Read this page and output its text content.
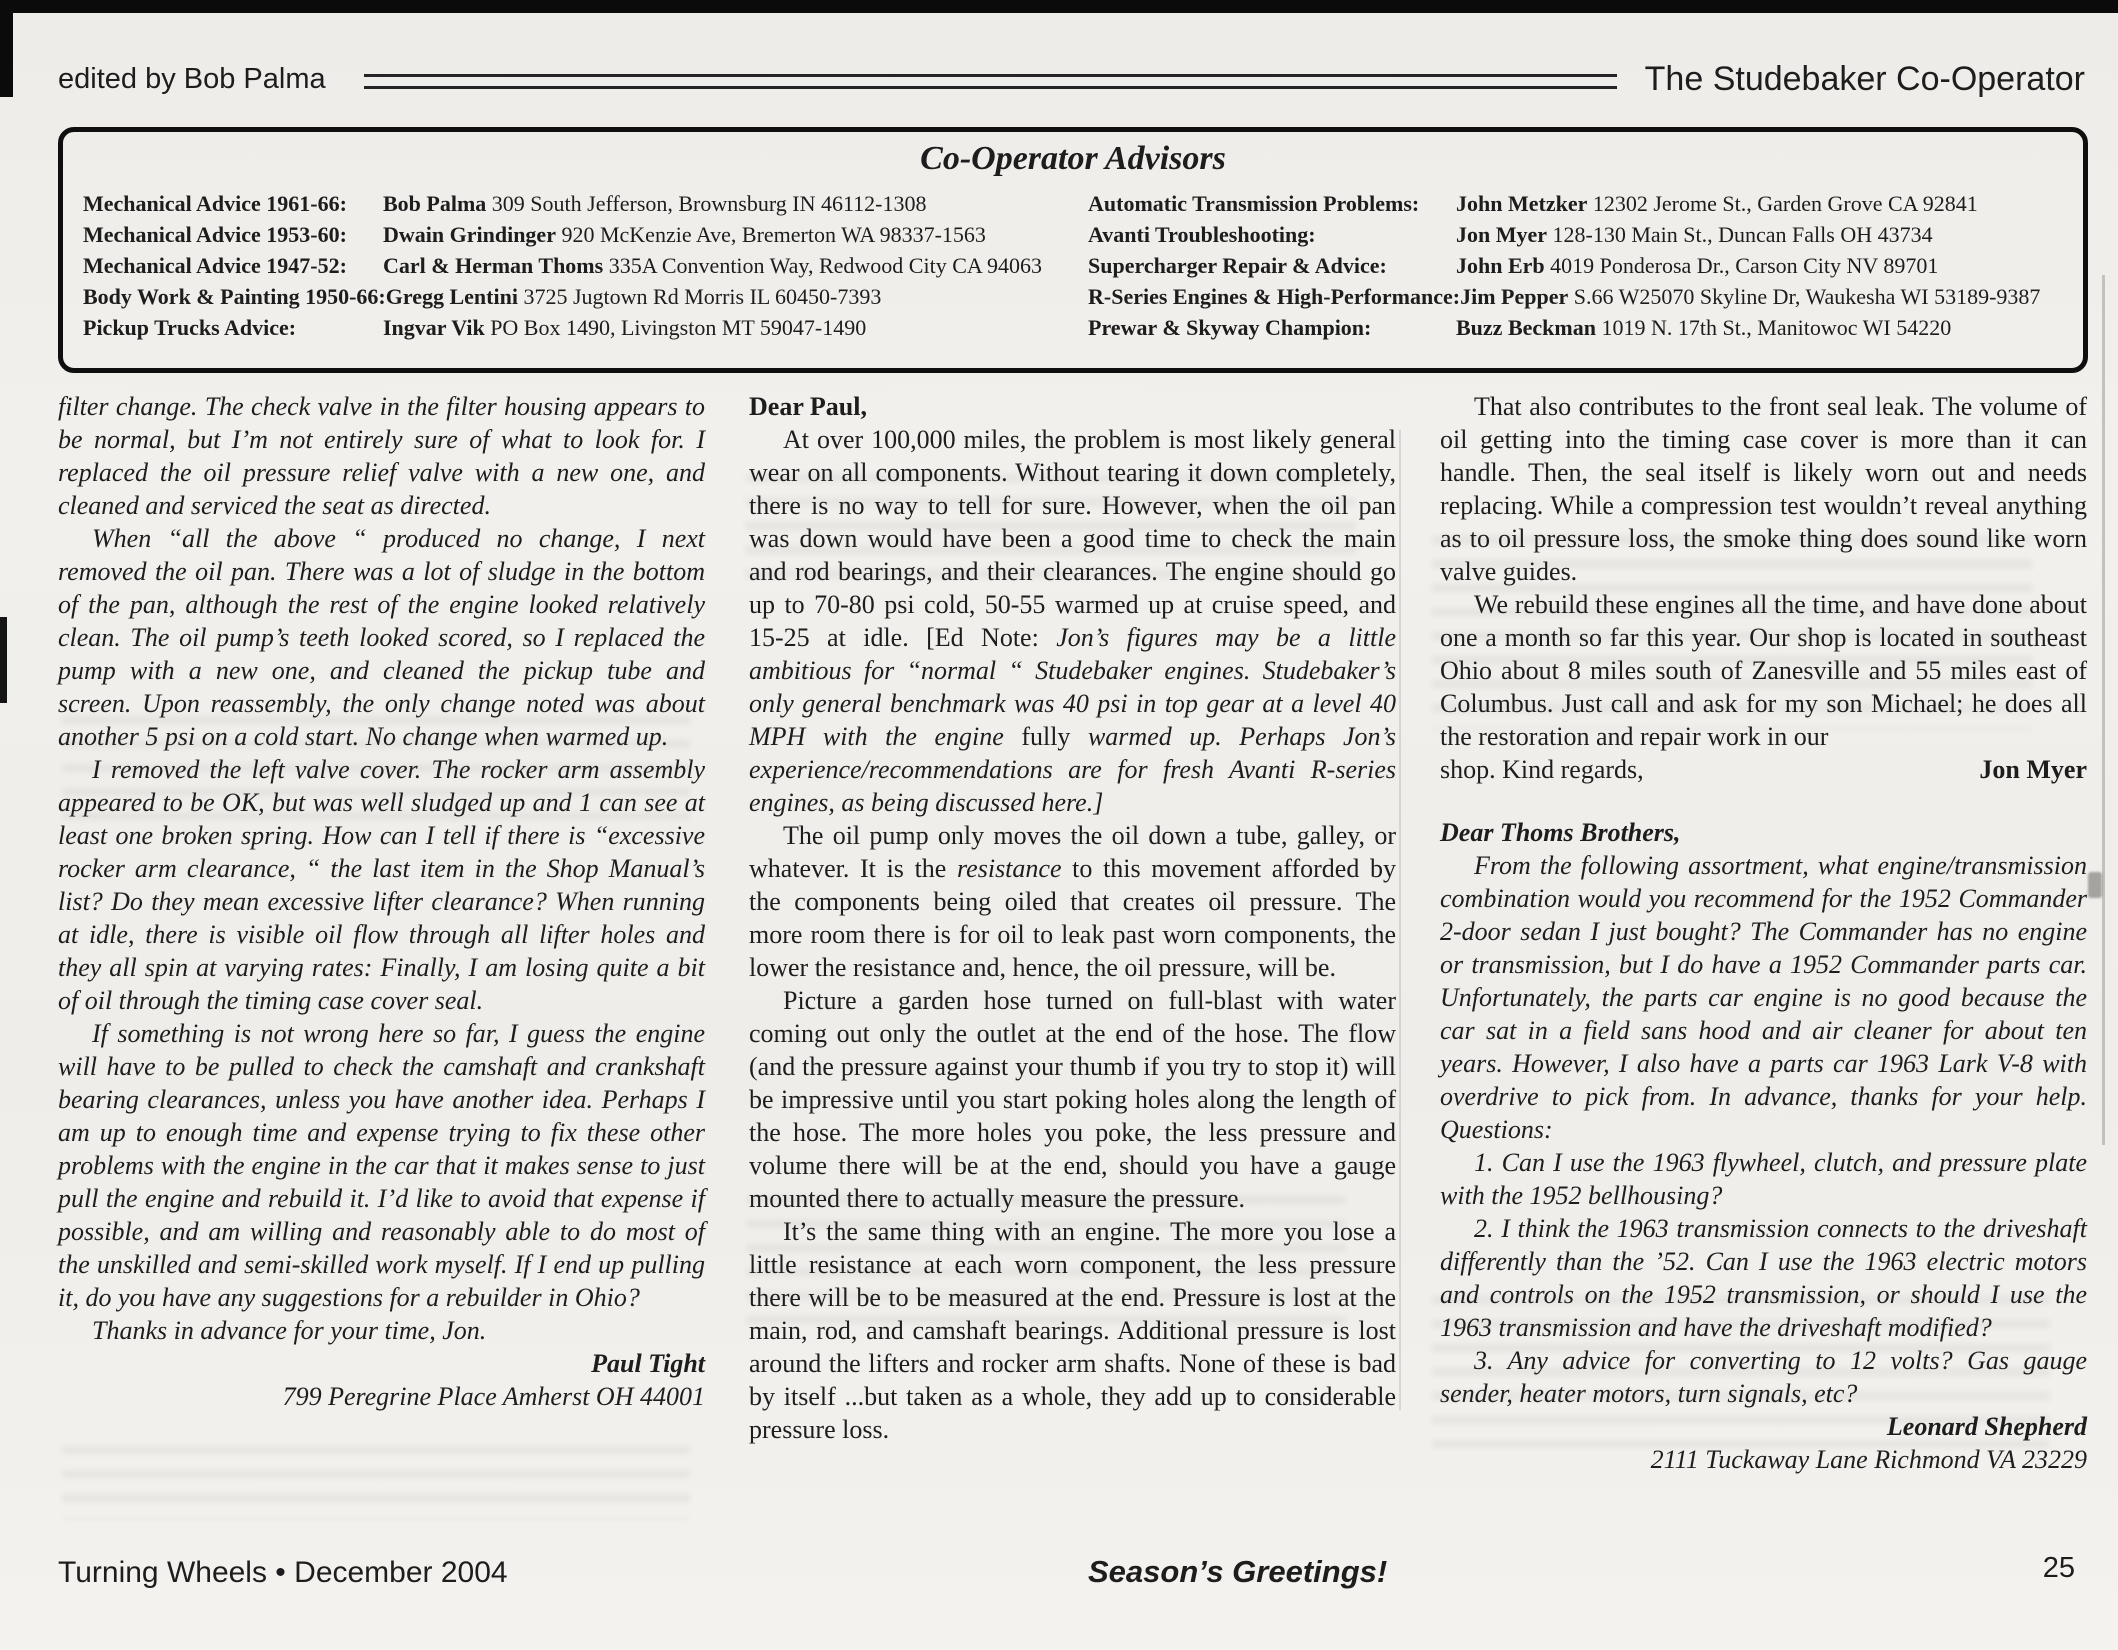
edited by Bob Palma	The Studebaker Co-Operator
Co-Operator Advisors
Mechanical Advice 1961-66:	Bob Palma 309 South Jefferson, Brownsburg IN 46112-1308
Mechanical Advice 1953-60:	Dwain Grindinger 920 McKenzie Ave, Bremerton WA 98337-1563
Mechanical Advice 1947-52:	Carl & Herman Thoms 335A Convention Way, Redwood City CA 94063
Body Work & Painting 1950-66: Gregg Lentini 3725 Jugtown Rd Morris IL 60450-7393
Pickup Trucks Advice:	Ingvar Vik PO Box 1490, Livingston MT 59047-1490
Automatic Transmission Problems:	John Metzker 12302 Jerome St., Garden Grove CA 92841
Avanti Troubleshooting:	Jon Myer 128-130 Main St., Duncan Falls OH 43734
Supercharger Repair & Advice:	John Erb 4019 Ponderosa Dr., Carson City NV 89701
R-Series Engines & High-Performance: Jim Pepper S.66 W25070 Skyline Dr, Waukesha WI 53189-9387
Prewar & Skyway Champion:	Buzz Beckman 1019 N. 17th St., Manitowoc WI 54220

filter change. The check valve in the filter housing appears to be normal, but I’m not entirely sure of what to look for. I replaced the oil pressure relief valve with a new one, and cleaned and serviced the seat as directed.

When “all the above “ produced no change, I next removed the oil pan. There was a lot of sludge in the bottom of the pan, although the rest of the engine looked relatively clean. The oil pump’s teeth looked scored, so I replaced the pump with a new one, and cleaned the pickup tube and screen. Upon reassembly, the only change noted was about another 5 psi on a cold start. No change when warmed up.

I removed the left valve cover. The rocker arm assembly appeared to be OK, but was well sludged up and 1 can see at least one broken spring. How can I tell if there is “excessive rocker arm clearance, “ the last item in the Shop Manual’s list? Do they mean excessive lifter clearance? When running at idle, there is visible oil flow through all lifter holes and they all spin at varying rates: Finally, I am losing quite a bit of oil through the timing case cover seal.

If something is not wrong here so far, I guess the engine will have to be pulled to check the camshaft and crankshaft bearing clearances, unless you have another idea. Perhaps I am up to enough time and expense trying to fix these other problems with the engine in the car that it makes sense to just pull the engine and rebuild it. I’d like to avoid that expense if possible, and am willing and reasonably able to do most of the unskilled and semi-skilled work myself. If I end up pulling it, do you have any suggestions for a rebuilder in Ohio?

Thanks in advance for your time, Jon.

Paul Tight

799 Peregrine Place Amherst OH 44001

Dear Paul,

At over 100,000 miles, the problem is most likely general wear on all components. Without tearing it down completely, there is no way to tell for sure. However, when the oil pan was down would have been a good time to check the main and rod bearings, and their clearances. The engine should go up to 70-80 psi cold, 50-55 warmed up at cruise speed, and 15-25 at idle. [Ed Note: Jon’s figures may be a little ambitious for “normal “ Studebaker engines. Studebaker’s only general benchmark was 40 psi in top gear at a level 40 MPH with the engine fully warmed up. Perhaps Jon’s experience/recommendations are for fresh Avanti R-series engines, as being discussed here.]

The oil pump only moves the oil down a tube, galley, or whatever. It is the resistance to this movement afforded by the components being oiled that creates oil pressure. The more room there is for oil to leak past worn components, the lower the resistance and, hence, the oil pressure, will be.

Picture a garden hose turned on full-blast with water coming out only the outlet at the end of the hose. The flow (and the pressure against your thumb if you try to stop it) will be impressive until you start poking holes along the length of the hose. The more holes you poke, the less pressure and volume there will be at the end, should you have a gauge mounted there to actually measure the pressure.

It’s the same thing with an engine. The more you lose a little resistance at each worn component, the less pressure there will be to be measured at the end. Pressure is lost at the main, rod, and camshaft bearings. Additional pressure is lost around the lifters and rocker arm shafts. None of these is bad by itself ...but taken as a whole, they add up to considerable pressure loss.

That also contributes to the front seal leak. The volume of oil getting into the timing case cover is more than it can handle. Then, the seal itself is likely worn out and needs replacing. While a compression test wouldn’t reveal anything as to oil pressure loss, the smoke thing does sound like worn valve guides.

We rebuild these engines all the time, and have done about one a month so far this year. Our shop is located in southeast Ohio about 8 miles south of Zanesville and 55 miles east of Columbus. Just call and ask for my son Michael; he does all the restoration and repair work in our

shop. Kind regards,	Jon Myer

Dear Thoms Brothers,

From the following assortment, what engine/transmission combination would you recommend for the 1952 Commander 2-door sedan I just bought? The Commander has no engine or transmission, but I do have a 1952 Commander parts car. Unfortunately, the parts car engine is no good because the car sat in a field sans hood and air cleaner for about ten years. However, I also have a parts car 1963 Lark V-8 with overdrive to pick from. In advance, thanks for your help. Questions:

1. Can I use the 1963 flywheel, clutch, and pressure plate with the 1952 bellhousing?

2. I think the 1963 transmission connects to the driveshaft differently than the ’52. Can I use the 1963 electric motors and controls on the 1952 transmission, or should I use the 1963 transmission and have the driveshaft modified?

3. Any advice for converting to 12 volts? Gas gauge sender, heater motors, turn signals, etc?

Leonard Shepherd

2111 Tuckaway Lane Richmond VA 23229

Turning Wheels • December 2004	Season’s Greetings!	25
